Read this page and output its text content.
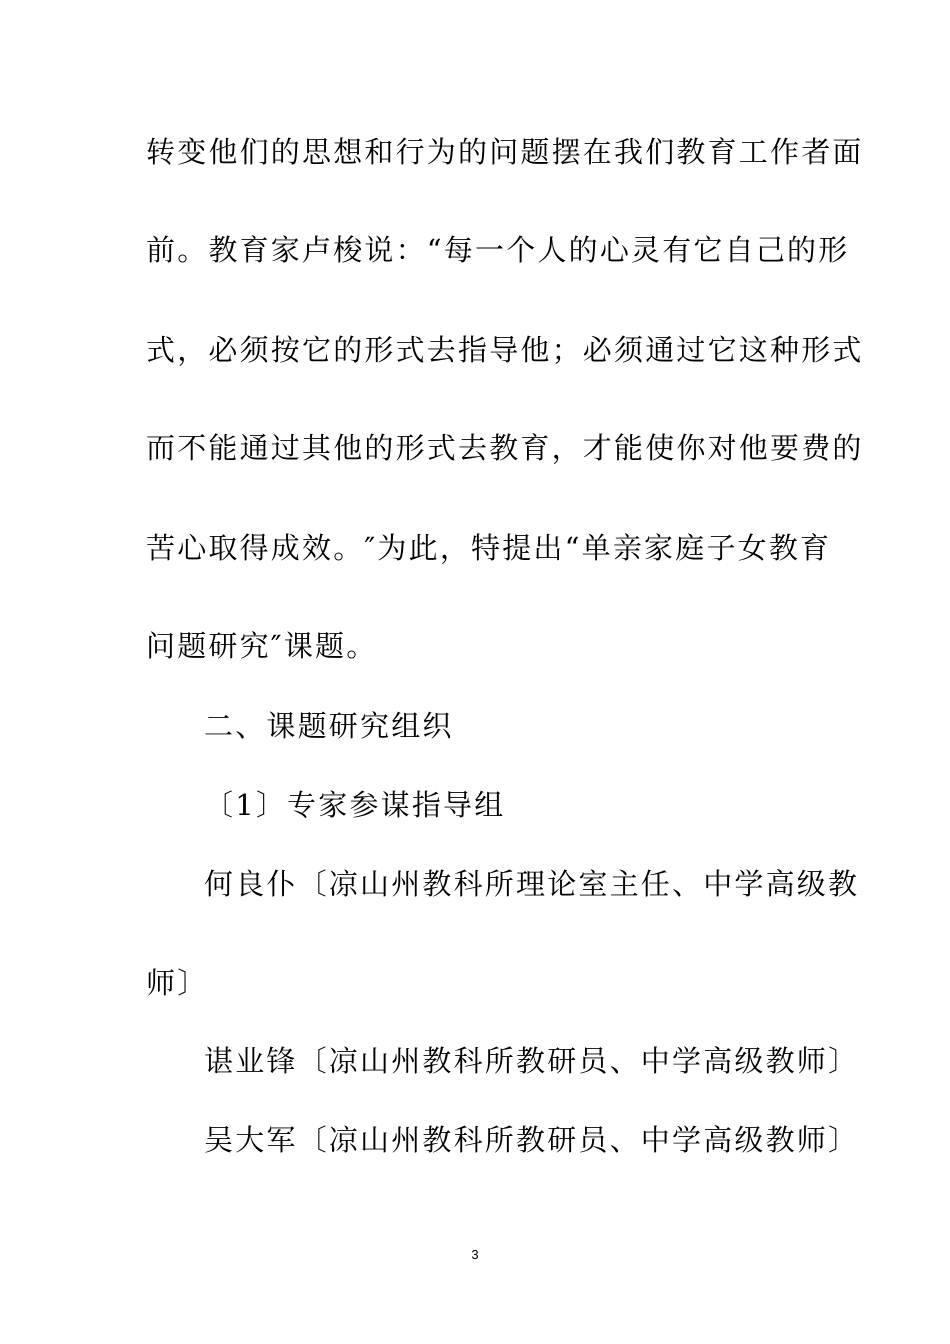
转变他们的思想和行为的问题摆在我们教育工作者面
前。教育家卢梭说：“每一个人的心灵有它自己的形
式，必须按它的形式去指导他；必须通过它这种形式
而不能通过其他的形式去教育，才能使你对他要费的
苦心取得成效。″为此，特提出“单亲家庭子女教育
问题研究″课题。
二、课题研究组织
〔1〕专家参谋指导组
何良仆〔凉山州教科所理论室主任、中学高级教
师〕
谌业锋〔凉山州教科所教研员、中学高级教师〕
吴大军〔凉山州教科所教研员、中学高级教师〕
3
